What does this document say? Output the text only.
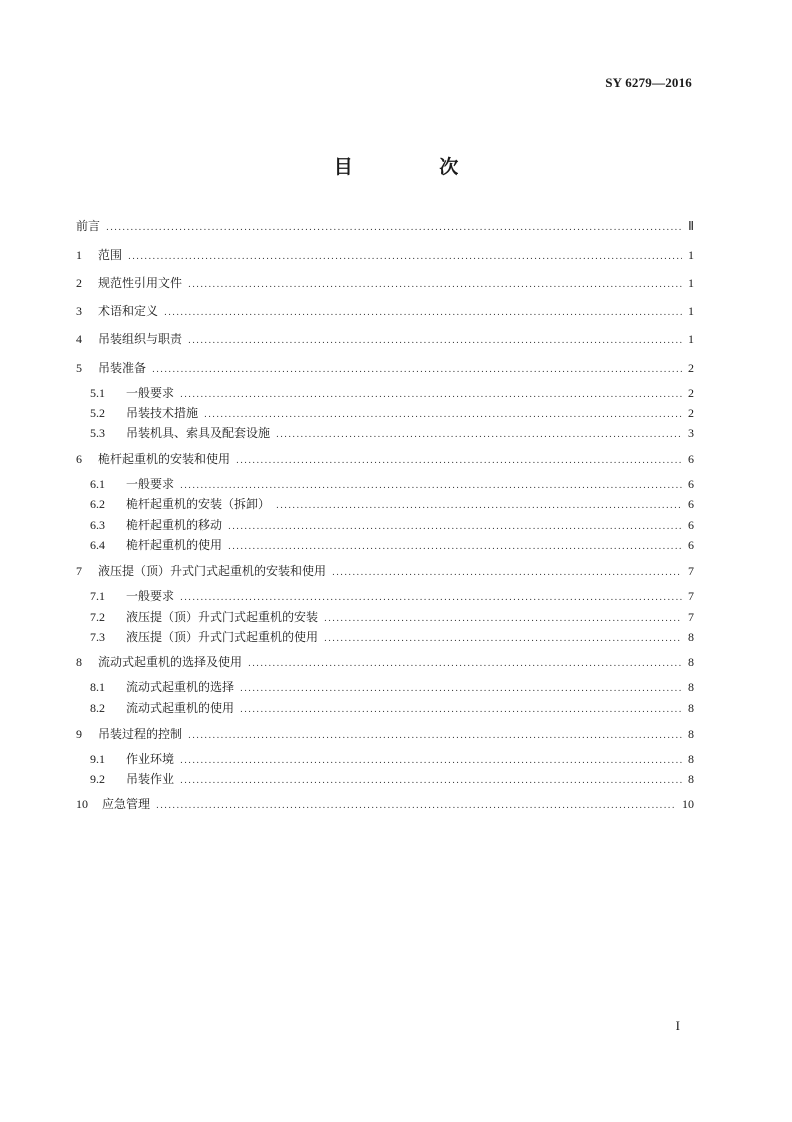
SY 6279—2016
目 次
前言 .....	Ⅱ
1	范围 .....	1
2	规范性引用文件 .....	1
3	术语和定义 .....	1
4	吊装组织与职责 .....	1
5	吊装准备 .....	2
5.1	一般要求 .....	2
5.2	吊装技术措施 .....	2
5.3	吊装机具、索具及配套设施 .....	3
6	桅杆起重机的安装和使用 .....	6
6.1	一般要求 .....	6
6.2	桅杆起重机的安装（拆卸） .....	6
6.3	桅杆起重机的移动 .....	6
6.4	桅杆起重机的使用 .....	6
7	液压提（顶）升式门式起重机的安装和使用 .....	7
7.1	一般要求 .....	7
7.2	液压提（顶）升式门式起重机的安装 .....	7
7.3	液压提（顶）升式门式起重机的使用 .....	8
8	流动式起重机的选择及使用 .....	8
8.1	流动式起重机的选择 .....	8
8.2	流动式起重机的使用 .....	8
9	吊装过程的控制 .....	8
9.1	作业环境 .....	8
9.2	吊装作业 .....	8
10	应急管理 .....	10
I
